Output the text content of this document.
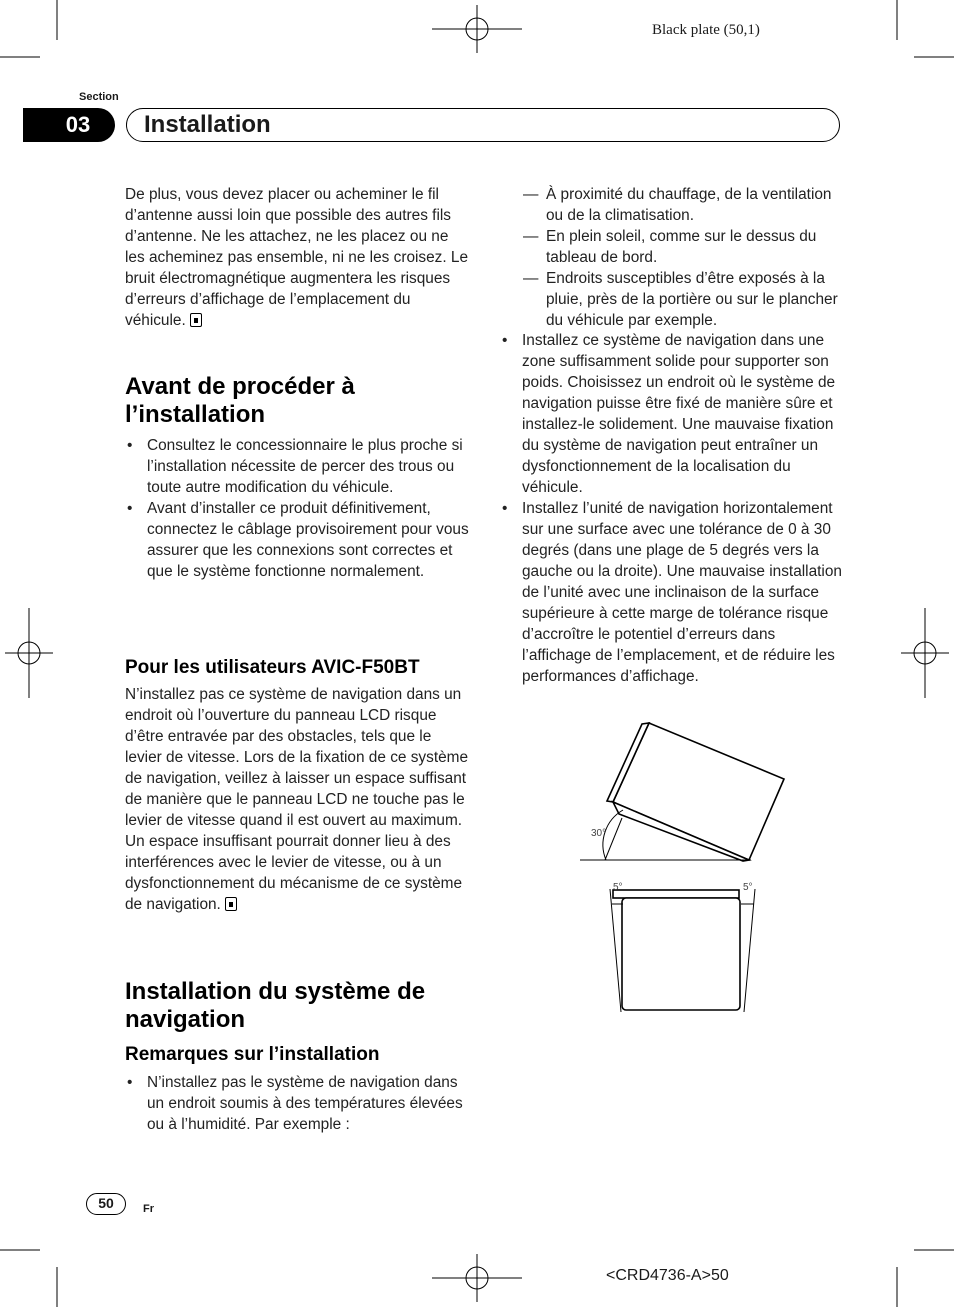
Black plate (50,1)
Section
03	Installation

De plus, vous devez placer ou acheminer le fil d’antenne aussi loin que possible des autres fils d’antenne. Ne les attachez, ne les placez ou ne les acheminez pas ensemble, ni ne les croisez. Le bruit électromagnétique augmentera les risques d’erreurs d’affichage de l’emplacement du véhicule.

Avant de procéder à l’installation
• Consultez le concessionnaire le plus proche si l’installation nécessite de percer des trous ou toute autre modification du véhicule.
• Avant d’installer ce produit définitivement, connectez le câblage provisoirement pour vous assurer que les connexions sont correctes et que le système fonctionne normalement.
Pour les utilisateurs AVIC-F50BT

N’installez pas ce système de navigation dans un endroit où l’ouverture du panneau LCD risque d’être entravée par des obstacles, tels que le levier de vitesse. Lors de la fixation de ce système de navigation, veillez à laisser un espace suffisant de manière que le panneau LCD ne touche pas le levier de vitesse quand il est ouvert au maximum. Un espace insuffisant pourrait donner lieu à des interférences avec le levier de vitesse, ou à un dysfonctionnement du mécanisme de ce système de navigation.

Installation du système de navigation
Remarques sur l’installation
• N’installez pas le système de navigation dans un endroit soumis à des températures élevées ou à l’humidité. Par exemple :
— À proximité du chauffage, de la ventilation ou de la climatisation.
— En plein soleil, comme sur le dessus du tableau de bord.
— Endroits susceptibles d’être exposés à la pluie, près de la portière ou sur le plancher du véhicule par exemple.
• Installez ce système de navigation dans une zone suffisamment solide pour supporter son poids. Choisissez un endroit où le système de navigation puisse être fixé de manière sûre et installez-le solidement. Une mauvaise fixation du système de navigation peut entraîner un dysfonctionnement de la localisation du véhicule.
• Installez l’unité de navigation horizontalement sur une surface avec une tolérance de 0 à 30 degrés (dans une plage de 5 degrés vers la gauche ou la droite). Une mauvaise installation de l’unité avec une inclinaison de la surface supérieure à cette marge de tolérance risque d’accroître le potentiel d’erreurs dans l’affichage de l’emplacement, et de réduire les performances d’affichage.
30°
5°	5°
50	Fr
<CRD4736-A>50
